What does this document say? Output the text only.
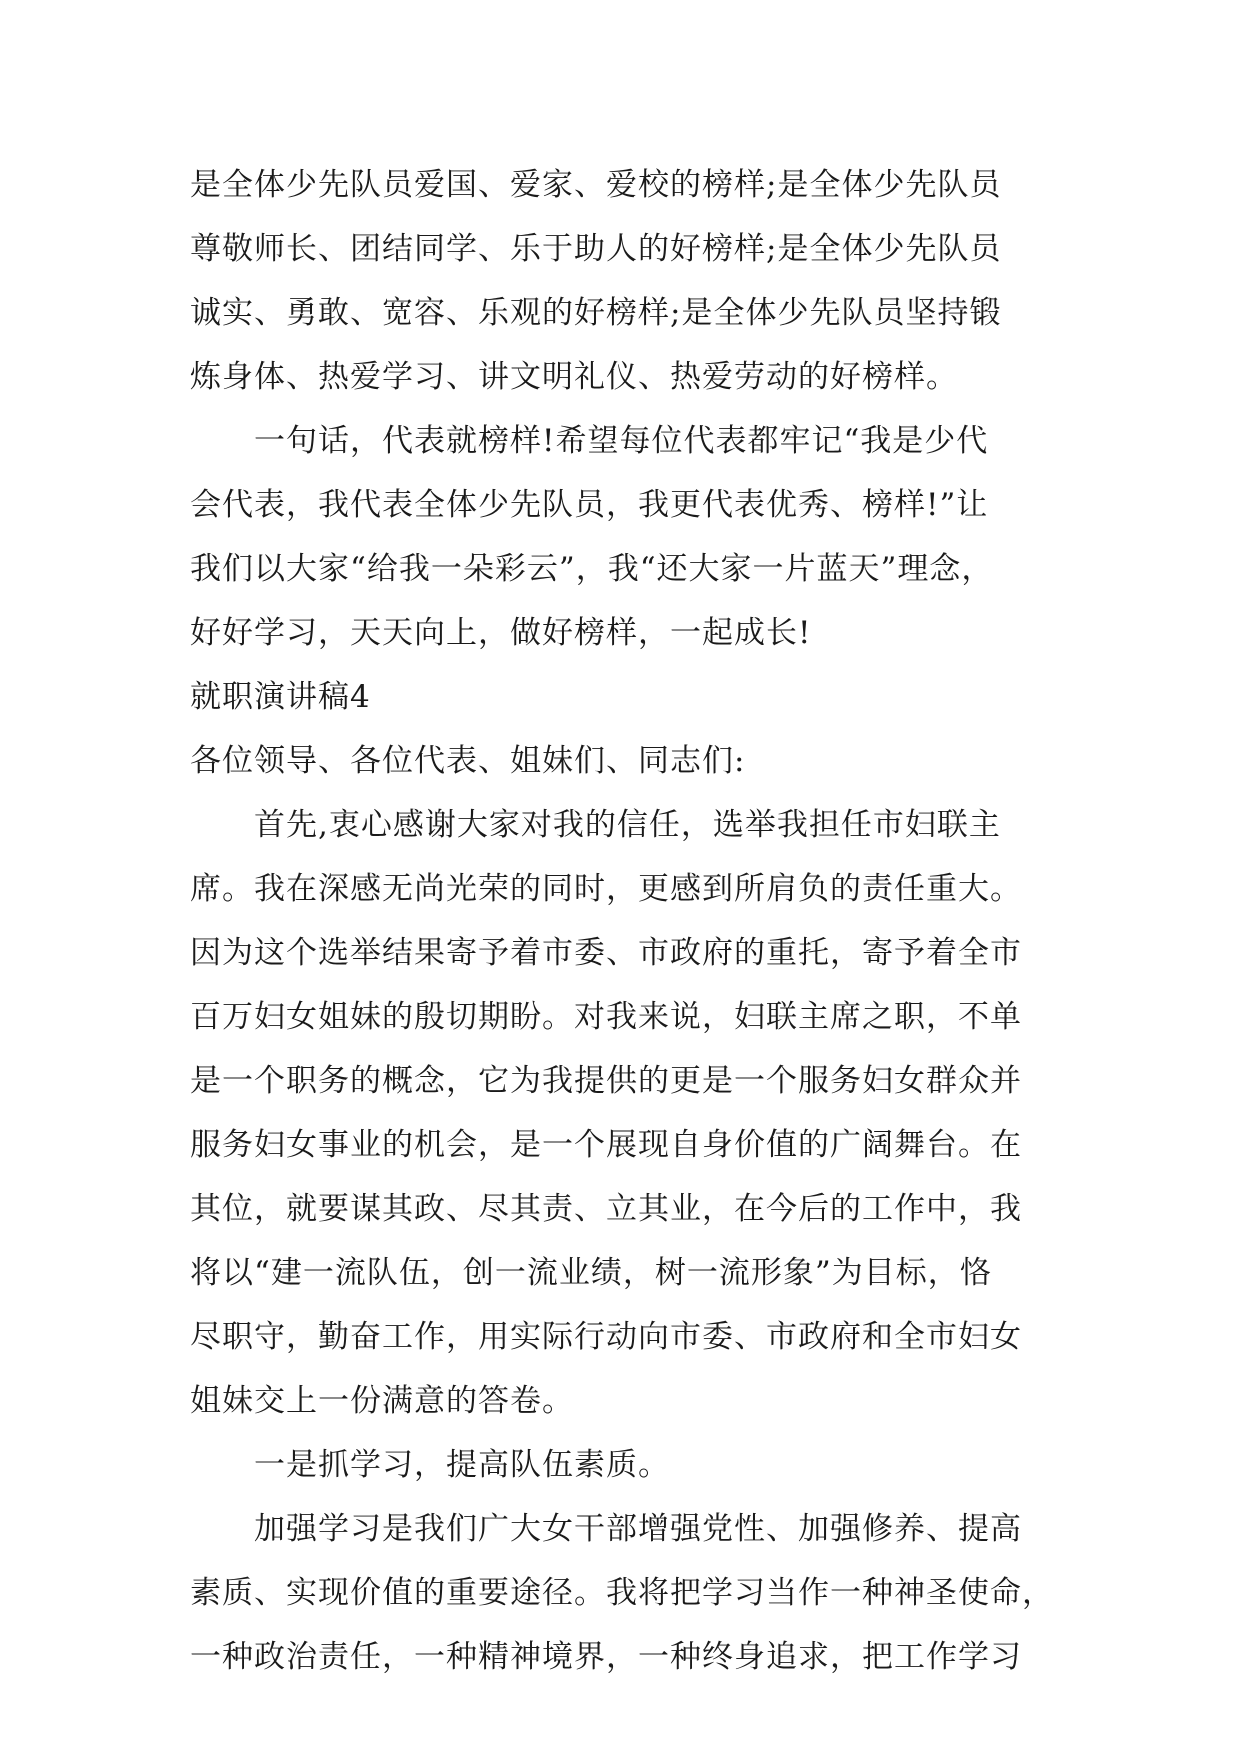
是全体少先队员爱国、爱家、爱校的榜样;是全体少先队员
尊敬师长、团结同学、乐于助人的好榜样;是全体少先队员
诚实、勇敢、宽容、乐观的好榜样;是全体少先队员坚持锻
炼身体、热爱学习、讲文明礼仪、热爱劳动的好榜样。
一句话，代表就榜样!希望每位代表都牢记“我是少代
会代表，我代表全体少先队员，我更代表优秀、榜样!”让
我们以大家“给我一朵彩云”，我“还大家一片蓝天”理念，
好好学习，天天向上，做好榜样，一起成长!
就职演讲稿4
各位领导、各位代表、姐妹们、同志们:
首先,衷心感谢大家对我的信任，选举我担任市妇联主
席。我在深感无尚光荣的同时，更感到所肩负的责任重大。
因为这个选举结果寄予着市委、市政府的重托，寄予着全市
百万妇女姐妹的殷切期盼。对我来说，妇联主席之职，不单
是一个职务的概念，它为我提供的更是一个服务妇女群众并
服务妇女事业的机会，是一个展现自身价值的广阔舞台。在
其位，就要谋其政、尽其责、立其业，在今后的工作中，我
将以“建一流队伍，创一流业绩，树一流形象”为目标，恪
尽职守，勤奋工作，用实际行动向市委、市政府和全市妇女
姐妹交上一份满意的答卷。
一是抓学习，提高队伍素质。
加强学习是我们广大女干部增强党性、加强修养、提高
素质、实现价值的重要途径。我将把学习当作一种神圣使命，
一种政治责任，一种精神境界，一种终身追求，把工作学习
